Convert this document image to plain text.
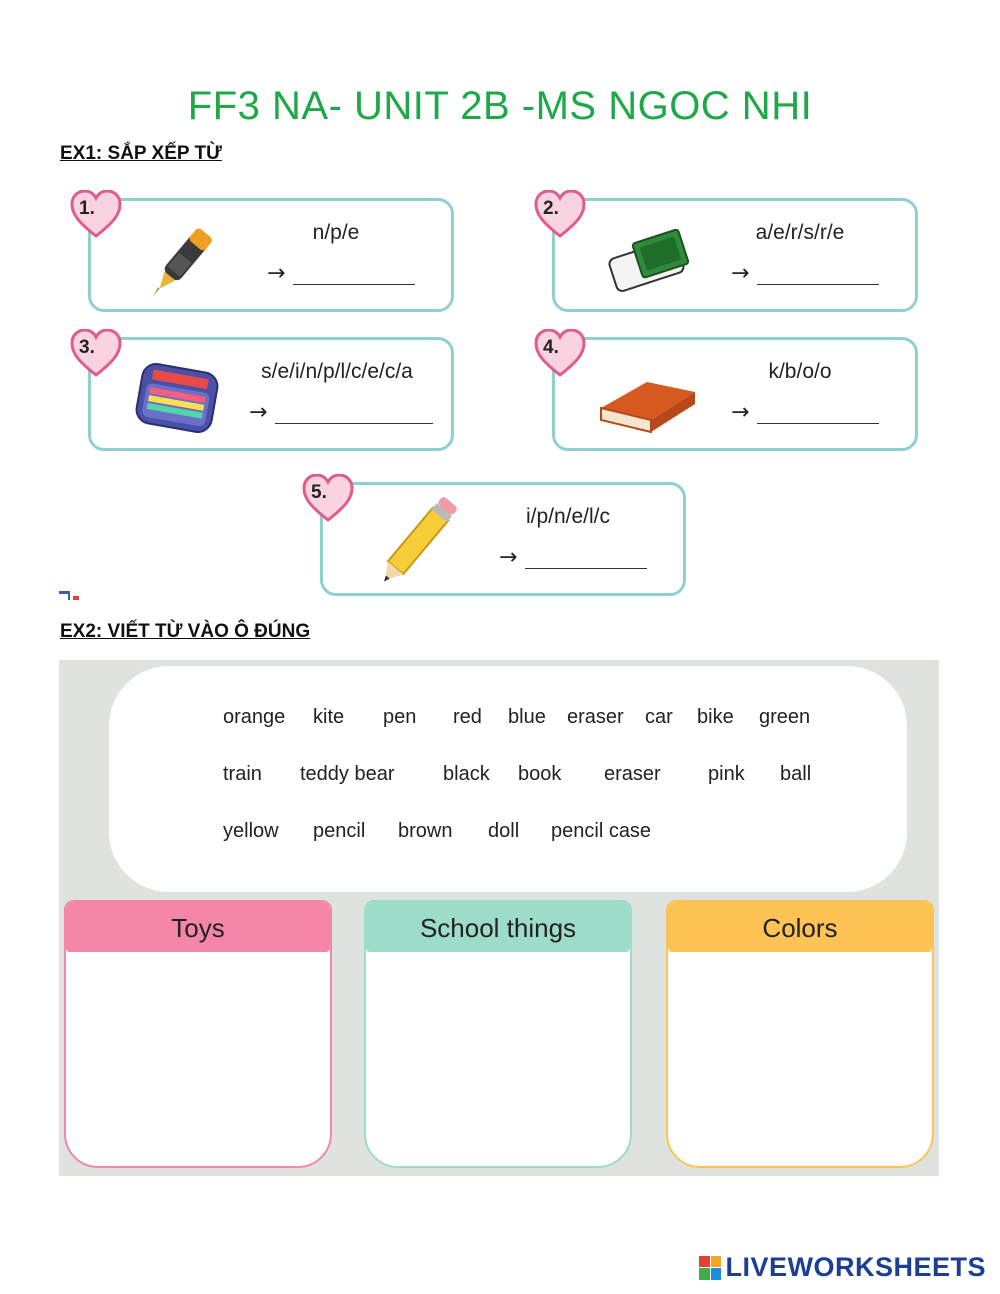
FF3 NA- UNIT 2B -MS NGOC NHI
EX1: SẮP XẾP TỪ
n/p/e
→
1.
a/e/r/s/r/e
→
2.
s/e/i/n/p/l/c/e/c/a
→
3.
k/b/o/o
→
4.
i/p/n/e/l/c
→
5.
EX2: VIẾT TỪ VÀO Ô ĐÚNG
orange kite pen red blue eraser car bike green
train teddy bear black book eraser pink ball
yellow pencil brown doll pencil case
Toys	School things	Colors
LIVEWORKSHEETS
